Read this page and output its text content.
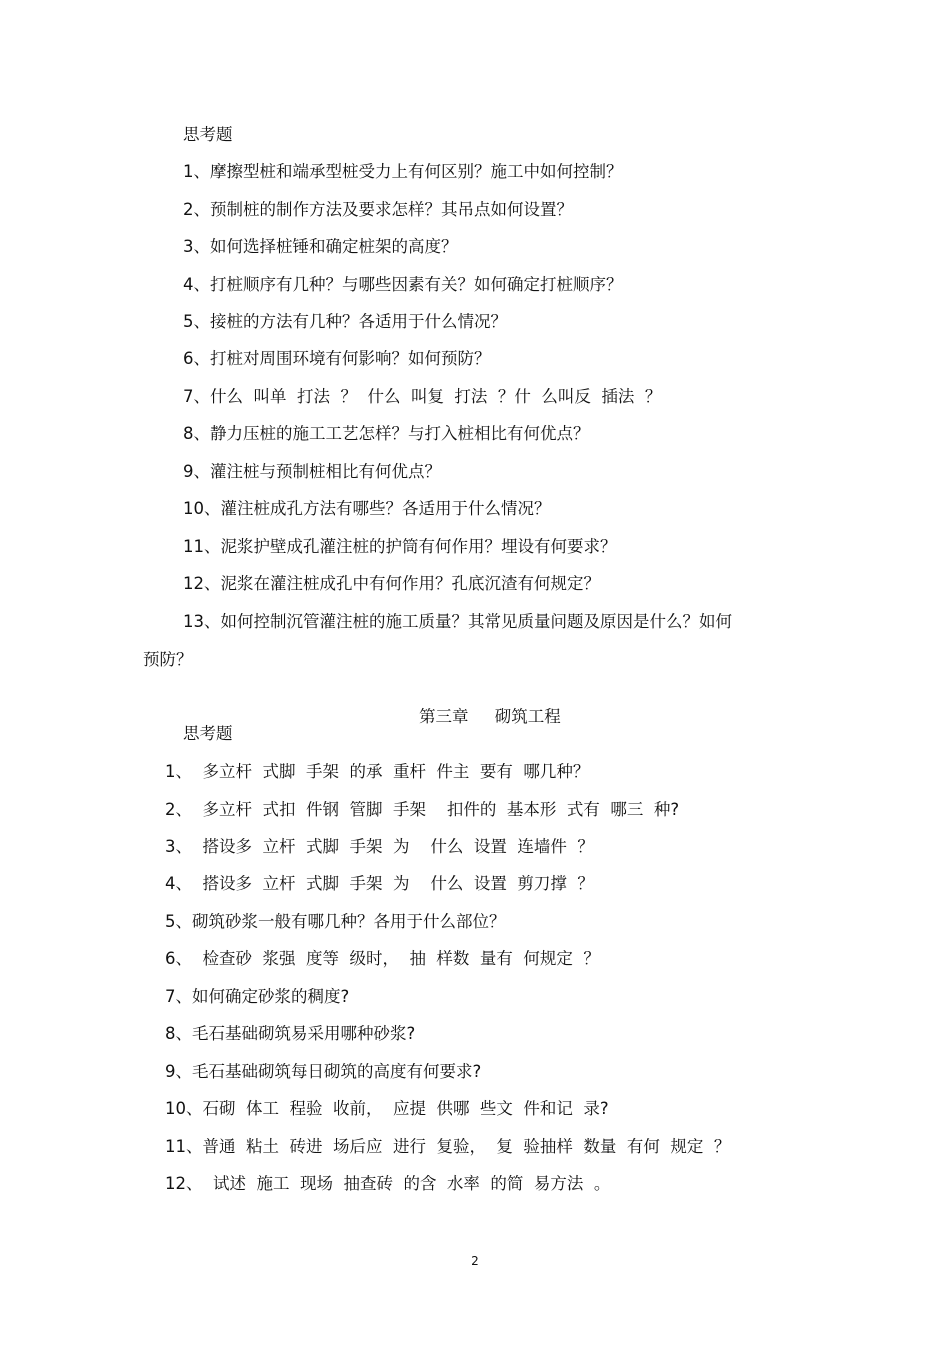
思考题
1、摩擦型桩和端承型桩受力上有何区别？施工中如何控制？
2、预制桩的制作方法及要求怎样？其吊点如何设置？
3、如何选择桩锤和确定桩架的高度？
4、打桩顺序有几种？与哪些因素有关？如何确定打桩顺序？
5、接桩的方法有几种？各适用于什么情况？
6、打桩对周围环境有何影响？如何预防？
7、什么  叫单  打法  ？  什么  叫复  打法  ？什  么叫反  插法  ？
8、静力压桩的施工工艺怎样？与打入桩相比有何优点？
9、灌注桩与预制桩相比有何优点？
10、灌注桩成孔方法有哪些？各适用于什么情况？
11、泥浆护壁成孔灌注桩的护筒有何作用？埋设有何要求？
12、泥浆在灌注桩成孔中有何作用？孔底沉渣有何规定？
13、如何控制沉管灌注桩的施工质量？其常见质量问题及原因是什么？如何
预防？

第三章 砌筑工程

思考题
1、  多立杆  式脚  手架  的承  重杆  件主  要有  哪几种？
2、  多立杆  式扣  件钢  管脚  手架    扣件的  基本形  式有  哪三  种?
3、  搭设多  立杆  式脚  手架  为    什么  设置  连墙件  ？
4、  搭设多  立杆  式脚  手架  为    什么  设置  剪刀撑  ？
5、砌筑砂浆一般有哪几种？各用于什么部位？
6、  检查砂  浆强  度等  级时，  抽  样数  量有  何规定  ？
7、如何确定砂浆的稠度?
8、毛石基础砌筑易采用哪种砂浆?
9、毛石基础砌筑每日砌筑的高度有何要求?
10、石砌  体工  程验  收前，  应提  供哪  些文  件和记  录?
11、普通  粘土  砖进  场后应  进行  复验，  复  验抽样  数量  有何  规定  ？
12、  试述  施工  现场  抽查砖  的含  水率  的简  易方法  。
2
